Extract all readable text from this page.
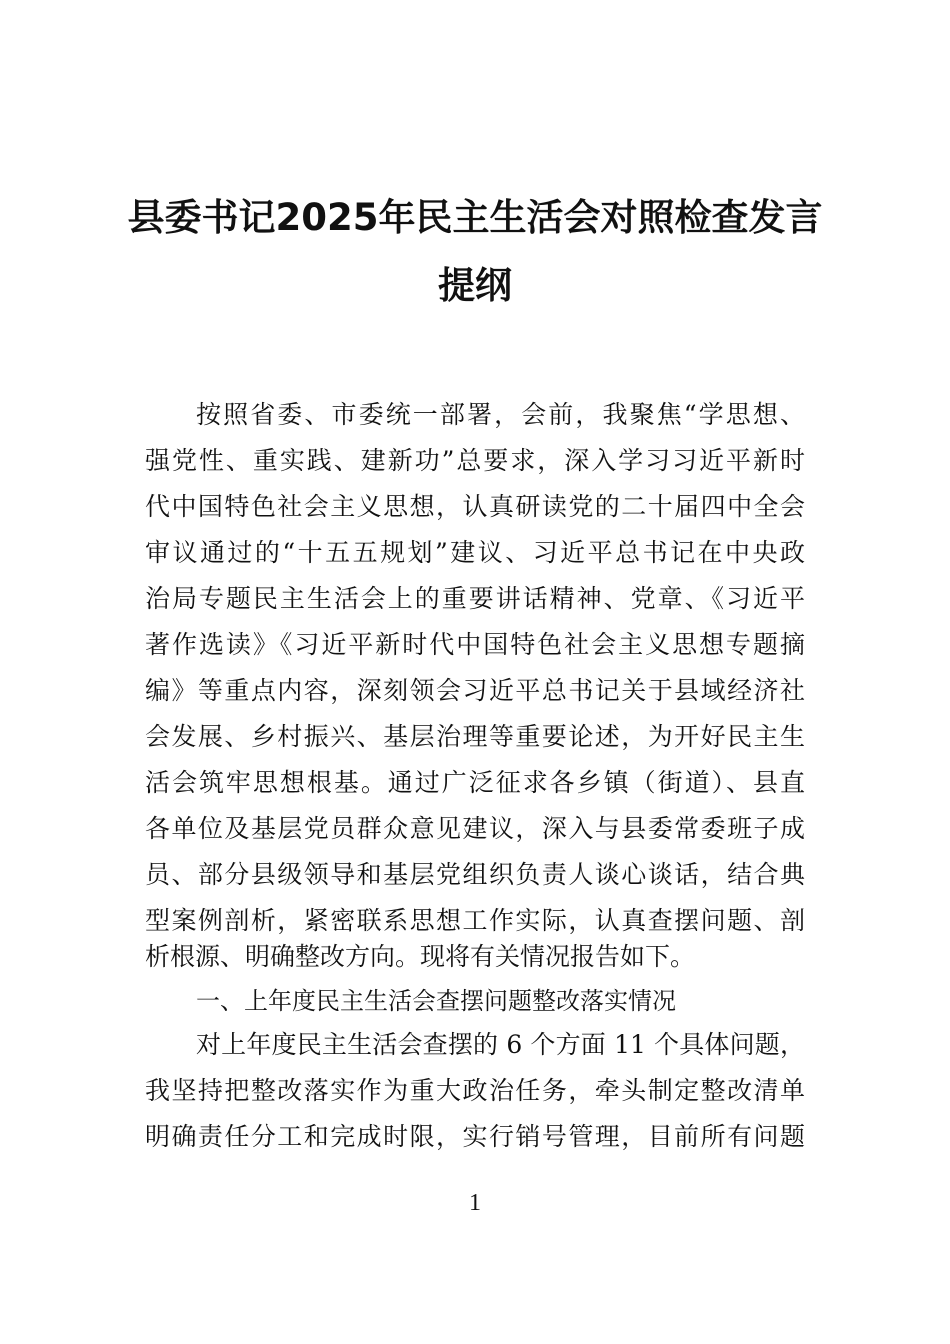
县委书记2025年民主生活会对照检查发言
提纲
按照省委、市委统一部署，会前，我聚焦“学思想、
强党性、重实践、建新功”总要求，深入学习习近平新时
代中国特色社会主义思想，认真研读党的二十届四中全会
审议通过的“十五五规划”建议、习近平总书记在中央政
治局专题民主生活会上的重要讲话精神、党章、《习近平
著作选读》《习近平新时代中国特色社会主义思想专题摘
编》等重点内容，深刻领会习近平总书记关于县域经济社
会发展、乡村振兴、基层治理等重要论述，为开好民主生
活会筑牢思想根基。通过广泛征求各乡镇（街道）、县直
各单位及基层党员群众意见建议，深入与县委常委班子成
员、部分县级领导和基层党组织负责人谈心谈话，结合典
型案例剖析，紧密联系思想工作实际，认真查摆问题、剖
析根源、明确整改方向。现将有关情况报告如下。
一、上年度民主生活会查摆问题整改落实情况
对上年度民主生活会查摆的 6 个方面 11 个具体问题，
我坚持把整改落实作为重大政治任务，牵头制定整改清单
明确责任分工和完成时限，实行销号管理，目前所有问题
1
